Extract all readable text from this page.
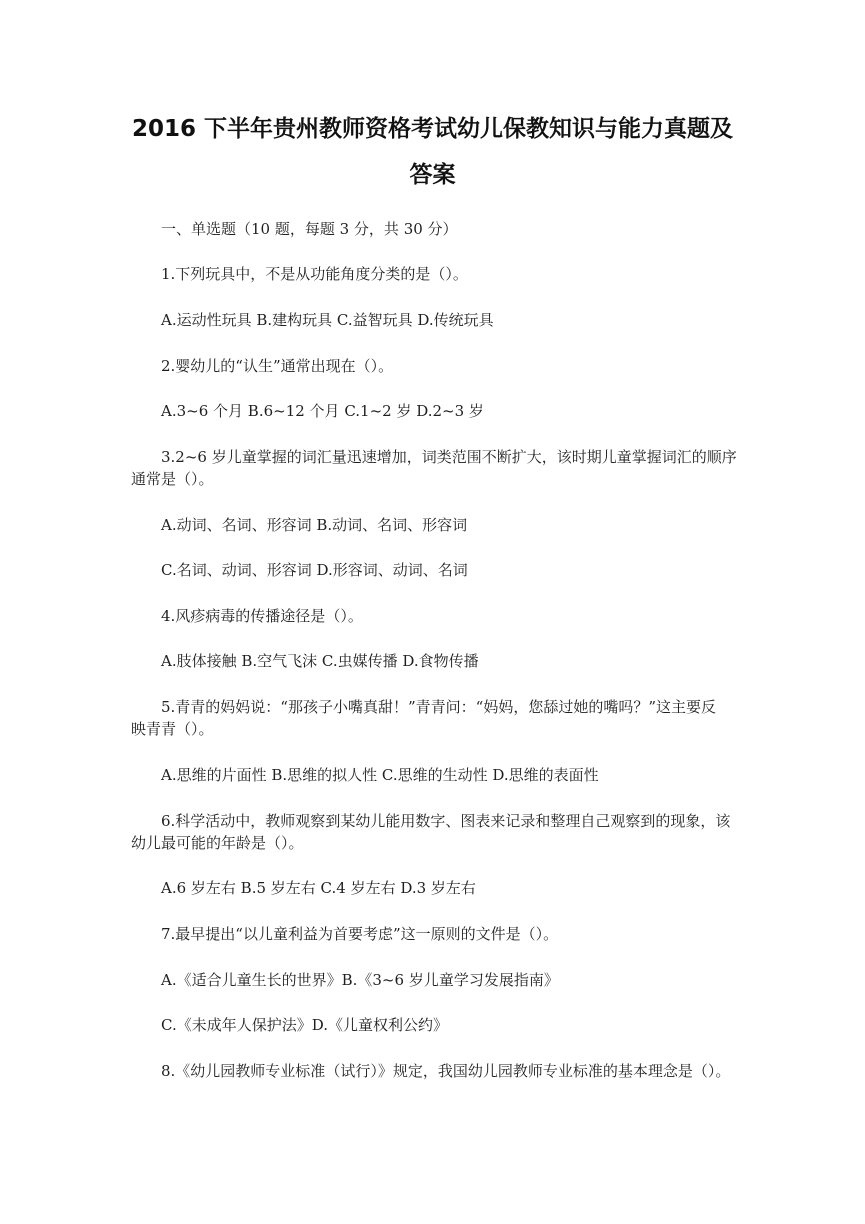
2016 下半年贵州教师资格考试幼儿保教知识与能力真题及
答案
一、单选题（10 题，每题 3 分，共 30 分）
1.下列玩具中，不是从功能角度分类的是（）。
A.运动性玩具 B.建构玩具 C.益智玩具 D.传统玩具
2.婴幼儿的“认生”通常出现在（）。
A.3~6 个月 B.6~12 个月 C.1~2 岁 D.2~3 岁
3.2~6 岁儿童掌握的词汇量迅速增加，词类范围不断扩大，该时期儿童掌握词汇的顺序
通常是（）。
A.动词、名词、形容词 B.动词、名词、形容词
C.名词、动词、形容词 D.形容词、动词、名词
4.风疹病毒的传播途径是（）。
A.肢体接触 B.空气飞沫 C.虫媒传播 D.食物传播
5.青青的妈妈说：“那孩子小嘴真甜！”青青问：“妈妈，您舔过她的嘴吗？”这主要反
映青青（）。
A.思维的片面性 B.思维的拟人性 C.思维的生动性 D.思维的表面性
6.科学活动中，教师观察到某幼儿能用数字、图表来记录和整理自己观察到的现象，该
幼儿最可能的年龄是（）。
A.6 岁左右 B.5 岁左右 C.4 岁左右 D.3 岁左右
7.最早提出“以儿童利益为首要考虑”这一原则的文件是（）。
A.《适合儿童生长的世界》B.《3~6 岁儿童学习发展指南》
C.《未成年人保护法》D.《儿童权利公约》
8.《幼儿园教师专业标准（试行）》规定，我国幼儿园教师专业标准的基本理念是（）。
